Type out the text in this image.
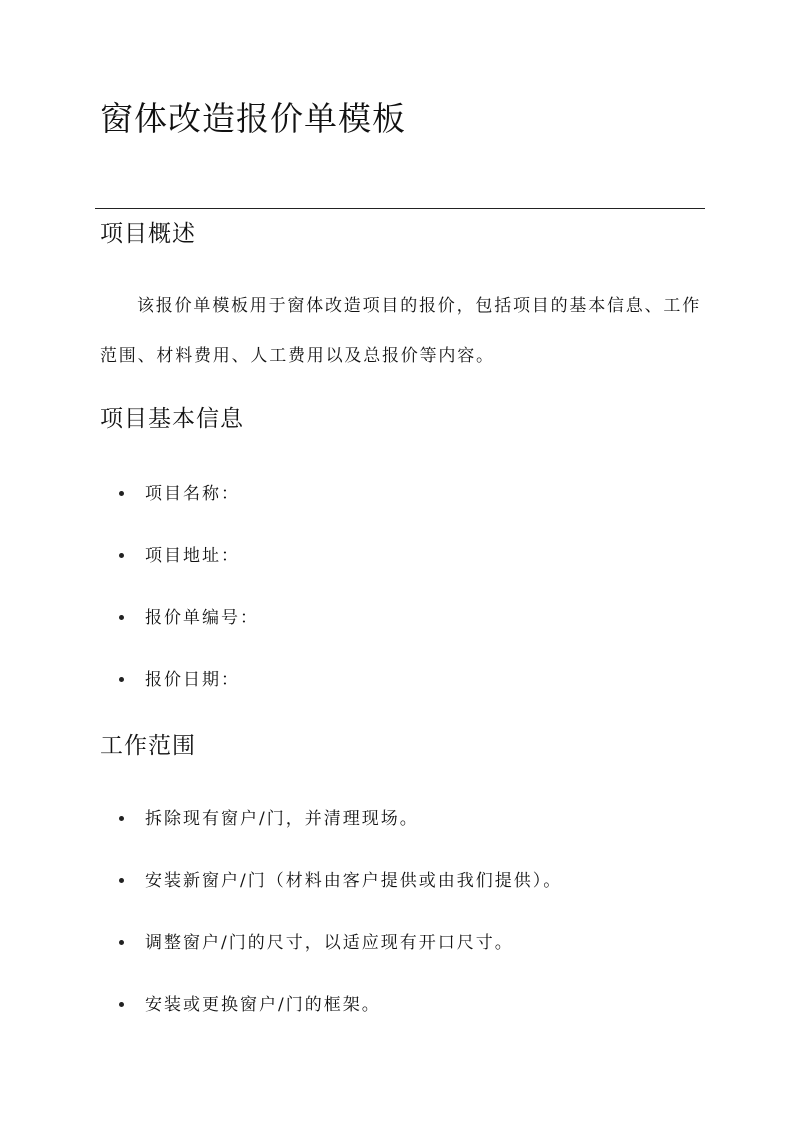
窗体改造报价单模板
项目概述

该报价单模板用于窗体改造项目的报价，包括项目的基本信息、工作范围、材料费用、人工费用以及总报价等内容。

项目基本信息
项目名称：
项目地址：
报价单编号：
报价日期：
工作范围
拆除现有窗户/门，并清理现场。
安装新窗户/门（材料由客户提供或由我们提供）。
调整窗户/门的尺寸，以适应现有开口尺寸。
安装或更换窗户/门的框架。
